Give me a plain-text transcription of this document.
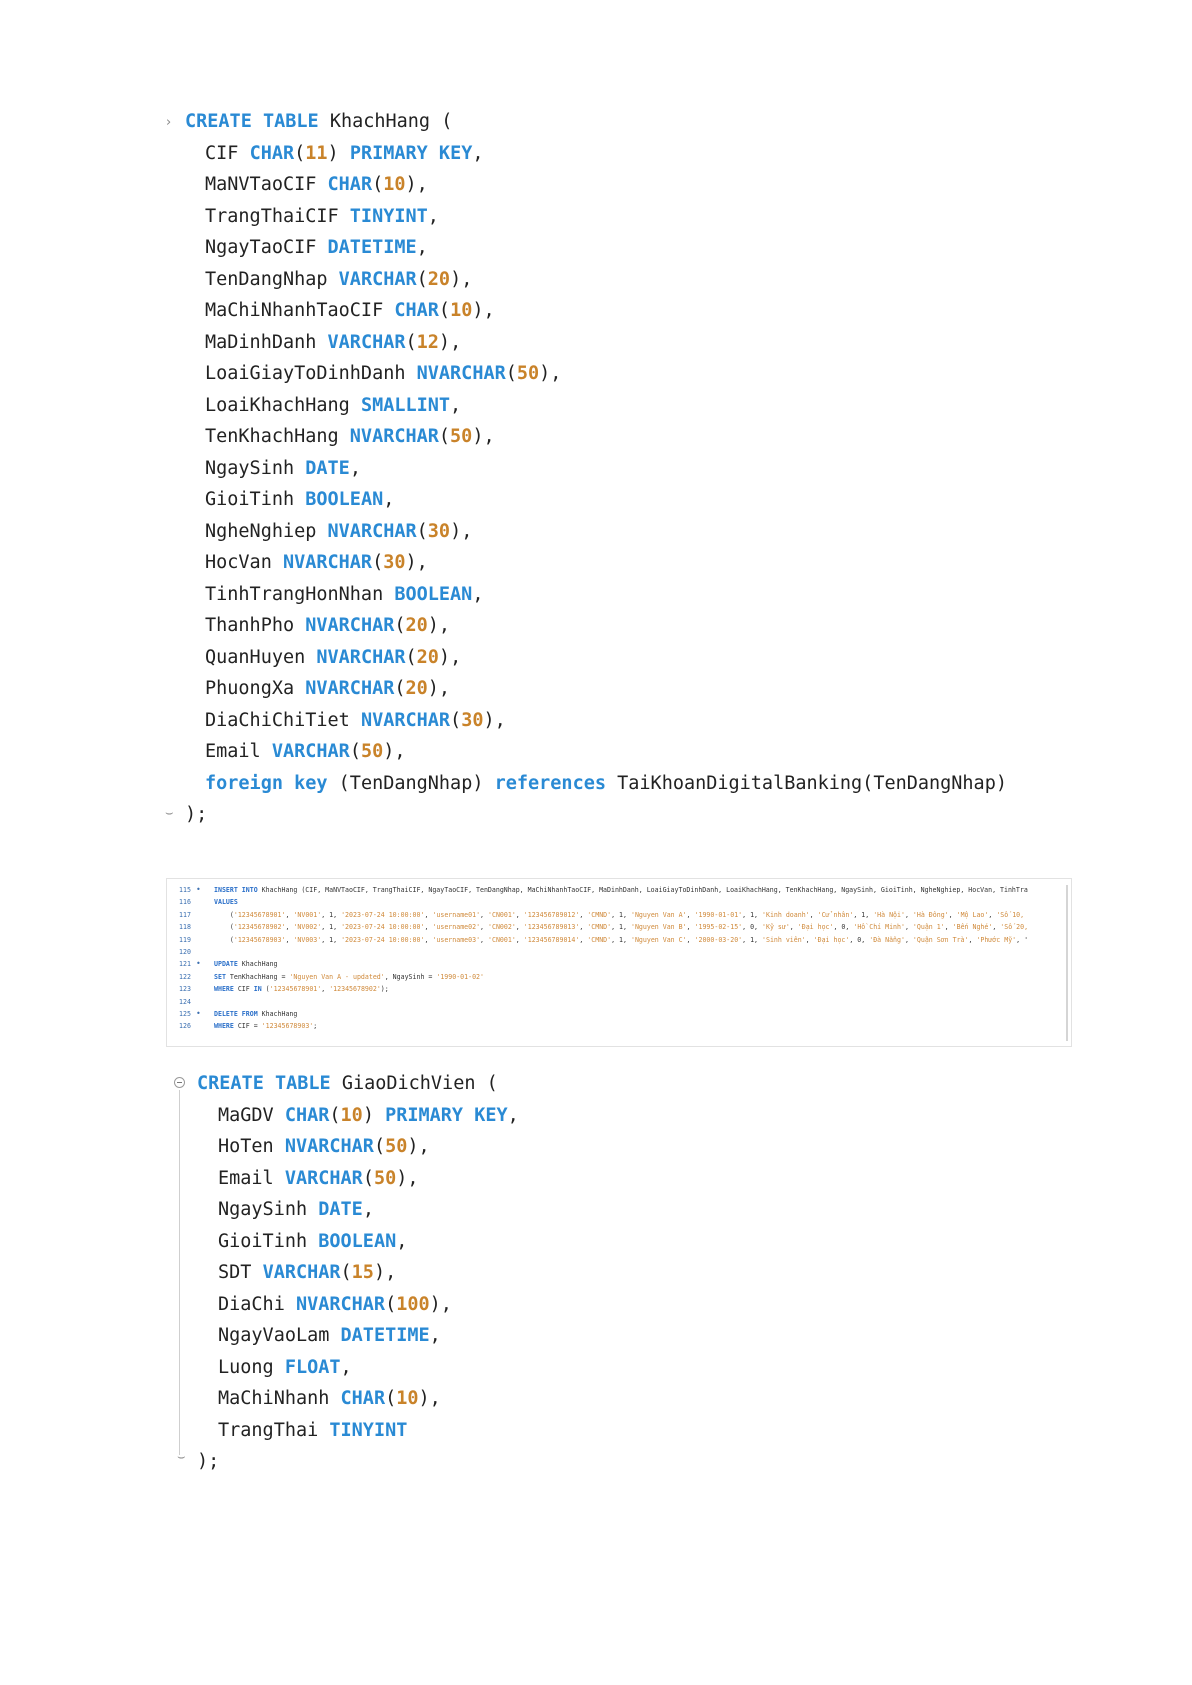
CREATE TABLE KhachHang (
CIF CHAR(11) PRIMARY KEY,
MaNVTaoCIF CHAR(10),
TrangThaiCIF TINYINT,
NgayTaoCIF DATETIME,
TenDangNhap VARCHAR(20),
MaChiNhanhTaoCIF CHAR(10),
MaDinhDanh VARCHAR(12),
LoaiGiayToDinhDanh NVARCHAR(50),
LoaiKhachHang SMALLINT,
TenKhachHang NVARCHAR(50),
NgaySinh DATE,
GioiTinh BOOLEAN,
NgheNghiep NVARCHAR(30),
HocVan NVARCHAR(30),
TinhTrangHonNhan BOOLEAN,
ThanhPho NVARCHAR(20),
QuanHuyen NVARCHAR(20),
PhuongXa NVARCHAR(20),
DiaChiChiTiet NVARCHAR(30),
Email VARCHAR(50),
foreign key (TenDangNhap) references TaiKhoanDigitalBanking(TenDangNhap)
);
115 • INSERT INTO KhachHang (CIF, MaNVTaoCIF, TrangThaiCIF, NgayTaoCIF, TenDangNhap, MaChiNhanhTaoCIF, MaDinhDanh, LoaiGiayToDinhDanh, LoaiKhachHang, TenKhachHang, NgaySinh, GioiTinh, NgheNghiep, HocVan, TinhTra
116	VALUES
117	('12345678901', 'NV001', 1, '2023-07-24 10:00:00', 'username01', 'CN001', '123456789012', 'CMND', 1, 'Nguyen Van A', '1990-01-01', 1, 'Kinh doanh', 'Cử nhân', 1, 'Hà Nội', 'Hà Đông', 'Mộ Lao', 'Số 10,
118	('12345678902', 'NV002', 1, '2023-07-24 10:00:00', 'username02', 'CN002', '123456789013', 'CMND', 1, 'Nguyen Van B', '1995-02-15', 0, 'Kỹ sư', 'Đại học', 0, 'Hồ Chí Minh', 'Quận 1', 'Bến Nghé', 'Số 20,
119	('12345678903', 'NV003', 1, '2023-07-24 10:00:00', 'username03', 'CN001', '123456789014', 'CMND', 1, 'Nguyen Van C', '2000-03-20', 1, 'Sinh viên', 'Đại học', 0, 'Đà Nẵng', 'Quận Sơn Trà', 'Phước Mỹ', '
120
121 • UPDATE KhachHang
122	SET TenKhachHang = 'Nguyen Van A - updated', NgaySinh = '1990-01-02'
123	WHERE CIF IN ('12345678901', '12345678902');
124
125 • DELETE FROM KhachHang
126	WHERE CIF = '12345678903';
CREATE TABLE GiaoDichVien (
MaGDV CHAR(10) PRIMARY KEY,
HoTen NVARCHAR(50),
Email VARCHAR(50),
NgaySinh DATE,
GioiTinh BOOLEAN,
SDT VARCHAR(15),
DiaChi NVARCHAR(100),
NgayVaoLam DATETIME,
Luong FLOAT,
MaChiNhanh CHAR(10),
TrangThai TINYINT
);
›
⌣
⌣
